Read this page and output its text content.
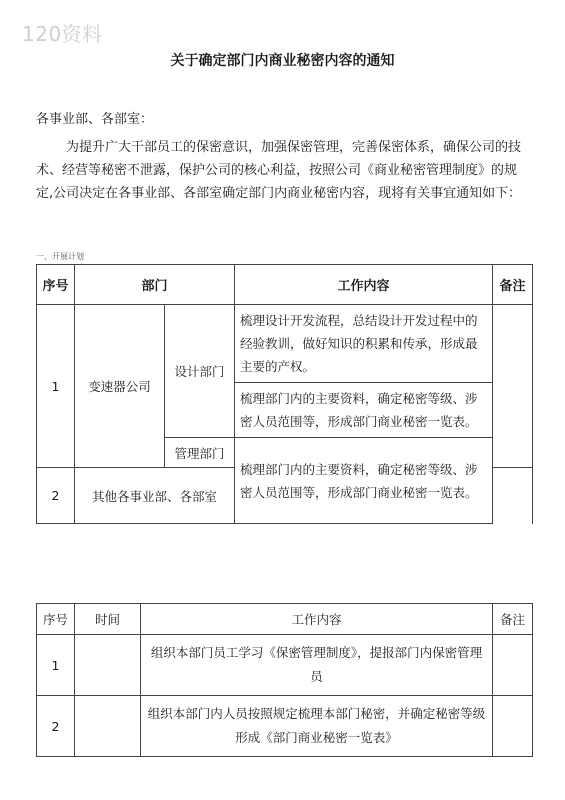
120资料
关于确定部门内商业秘密内容的通知
各事业部、各部室：
为提升广大干部员工的保密意识，加强保密管理，完善保密体系，确保公司的技术、经营等秘密不泄露，保护公司的核心利益，按照公司《商业秘密管理制度》的规定,公司决定在各事业部、各部室确定部门内商业秘密内容，现将有关事宜通知如下：
一、开展计划
序号	部门		工作内容	备注	
1	变速器公司	设计部门	梳理设计开发流程，总结设计开发过程中的经验教训，做好知识的积累和传承，形成最主要的产权。		
			梳理部门内的主要资料，确定秘密等级、涉密人员范围等，形成部门商业秘密一览表。		
		管理部门	梳理部门内的主要资料，确定秘密等级、涉密人员范围等，形成部门商业秘密一览表。		
2	其他各事业部、各部室				
序号	时间	工作内容	备注
1		组织本部门员工学习《保密管理制度》，提报部门内保密管理员	
2		组织本部门内人员按照规定梳理本部门秘密，并确定秘密等级形成《部门商业秘密一览表》	
